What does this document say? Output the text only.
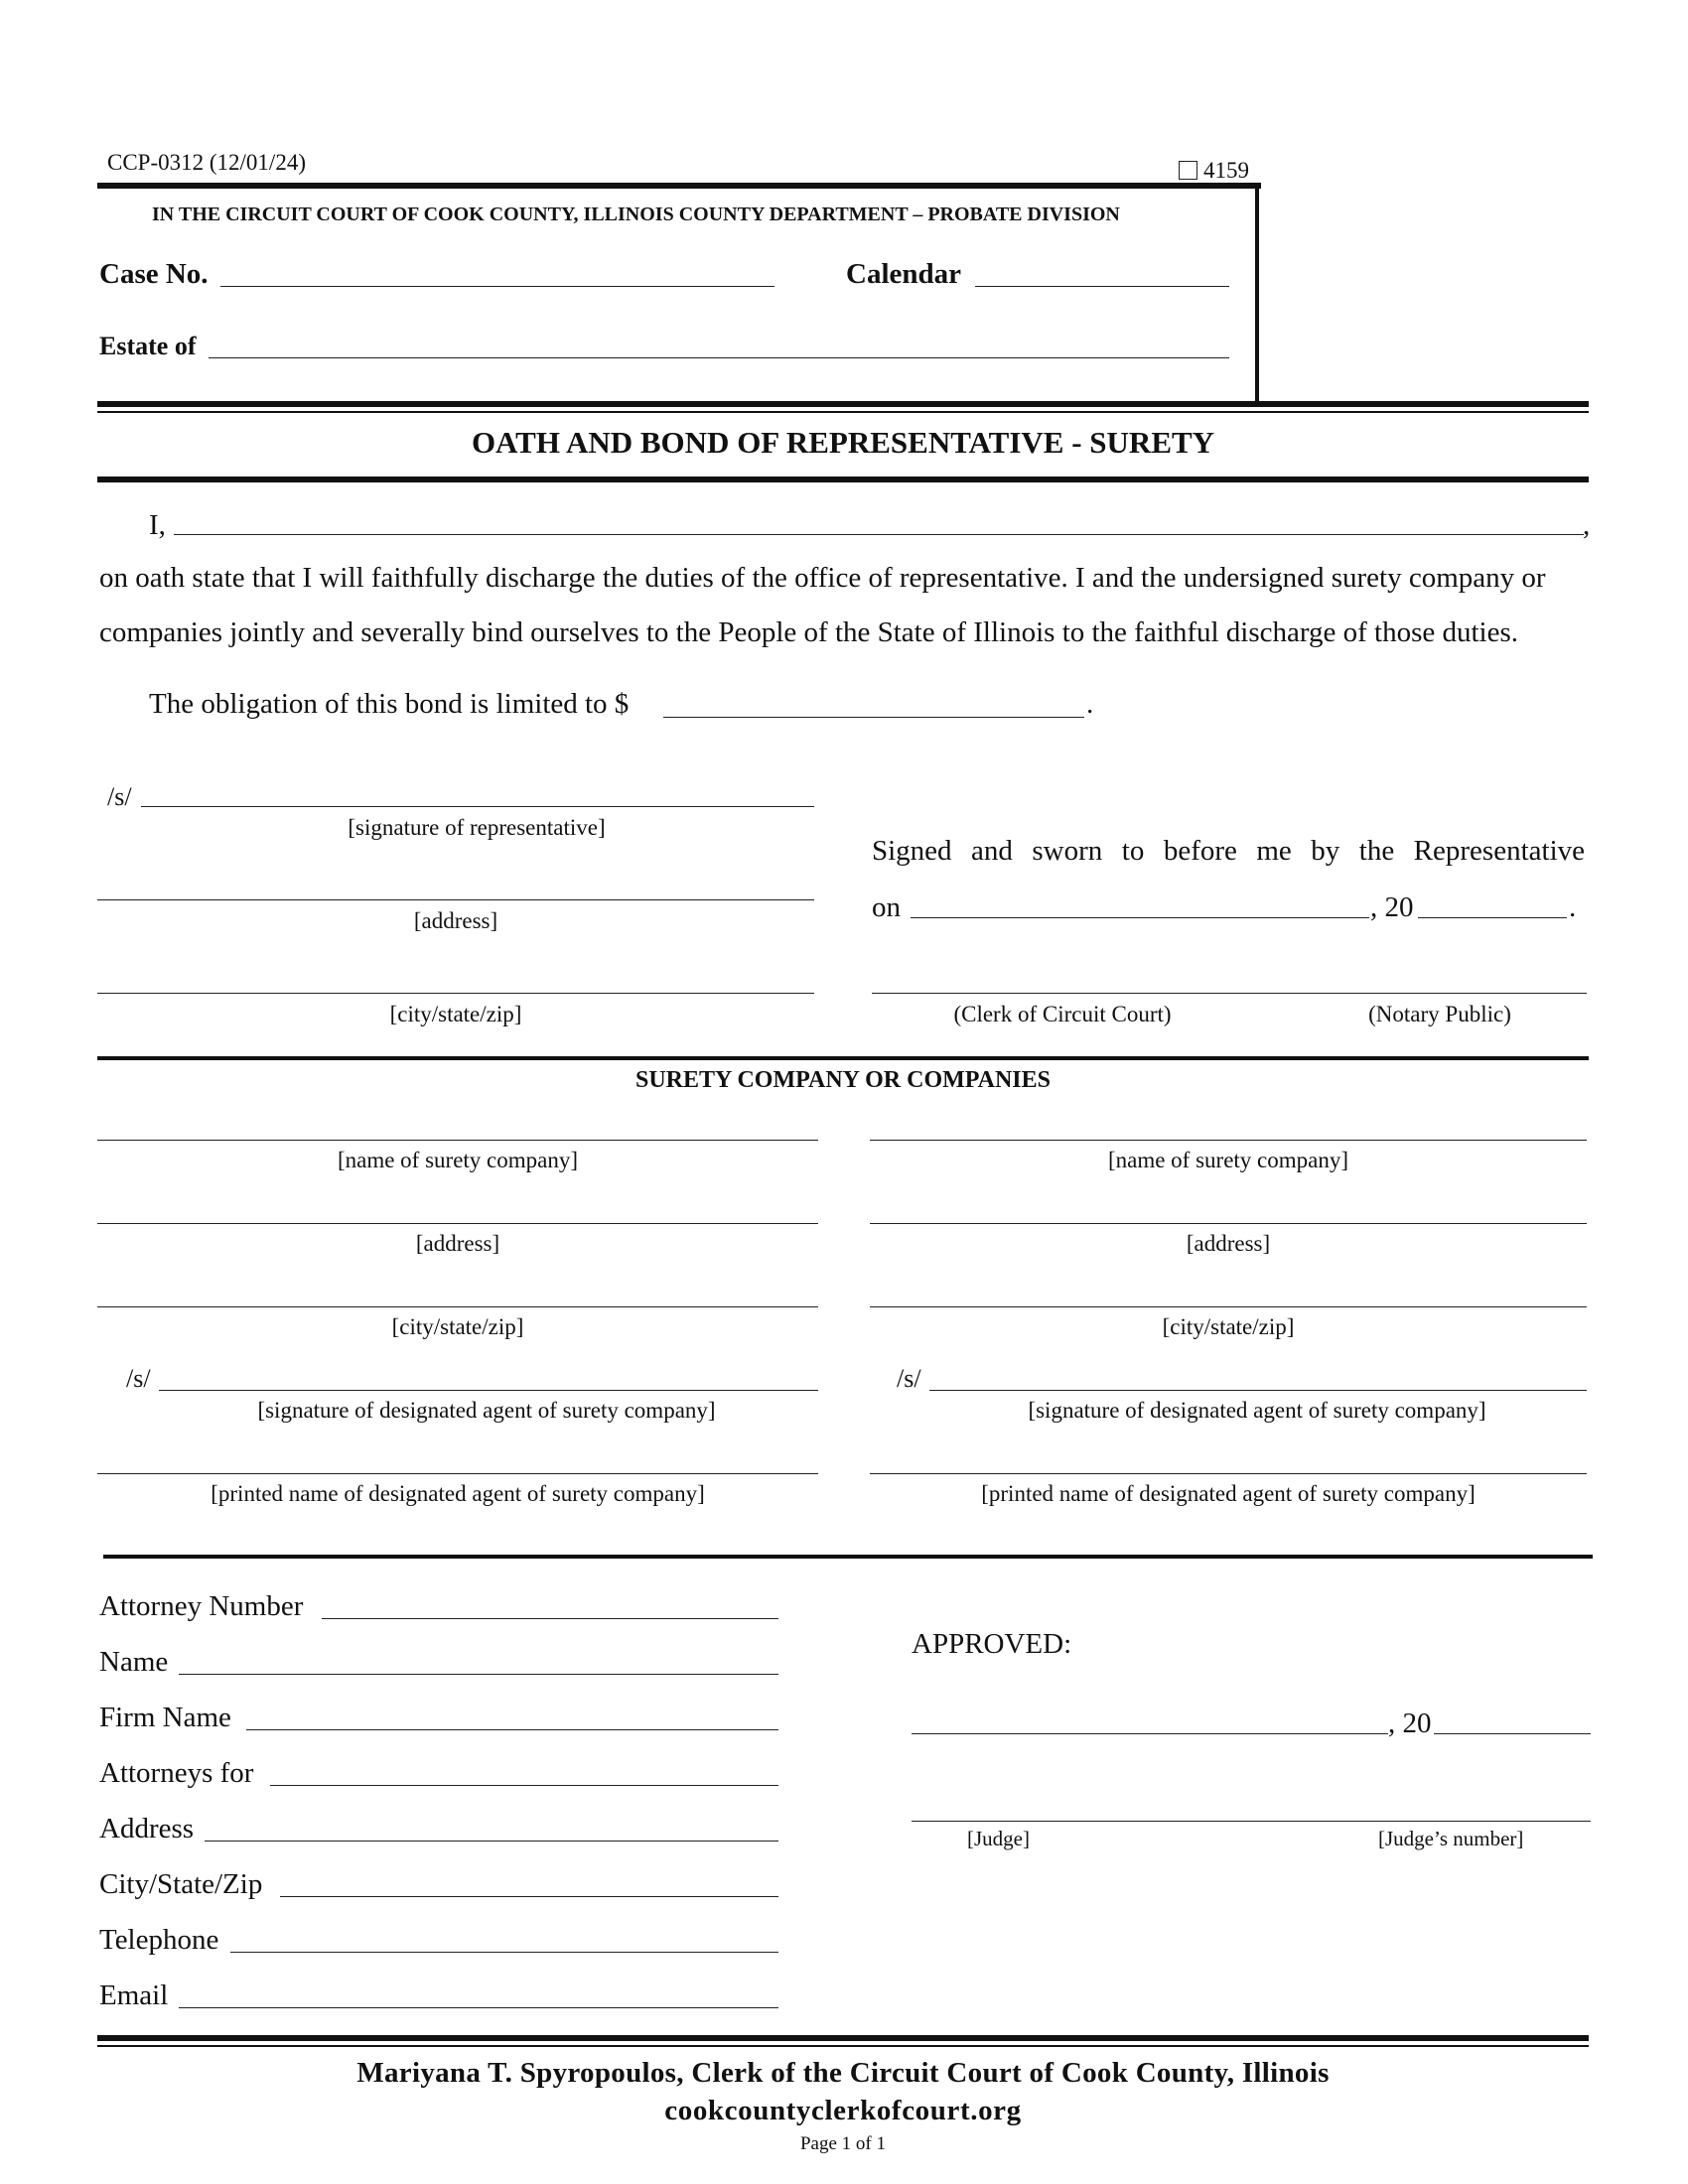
CCP-0312 (12/01/24)	4159
IN THE CIRCUIT COURT OF COOK COUNTY, ILLINOIS COUNTY DEPARTMENT – PROBATE DIVISION
Case No.	Calendar
Estate of
OATH AND BOND OF REPRESENTATIVE - SURETY
I,	,
on oath state that I will faithfully discharge the duties of the office of representative. I and the undersigned surety company or
companies jointly and severally bind ourselves to the People of the State of Illinois to the faithful discharge of those duties.
The obligation of this bond is limited to $	.
/s/
[signature of representative]
[address]
[city/state/zip]
Signed and sworn to before me by the Representative
on	, 20	.
(Clerk of Circuit Court)	(Notary Public)
SURETY COMPANY OR COMPANIES
[name of surety company]
[address]
[city/state/zip]
/s/
[signature of designated agent of surety company]
[printed name of designated agent of surety company]
[name of surety company]
[address]
[city/state/zip]
/s/
[signature of designated agent of surety company]
[printed name of designated agent of surety company]
Attorney Number
Name
Firm Name
Attorneys for
Address
City/State/Zip
Telephone
Email
APPROVED:
, 20
[Judge]	[Judge’s number]
Mariyana T. Spyropoulos, Clerk of the Circuit Court of Cook County, Illinois
cookcountyclerkofcourt.org
Page 1 of 1
